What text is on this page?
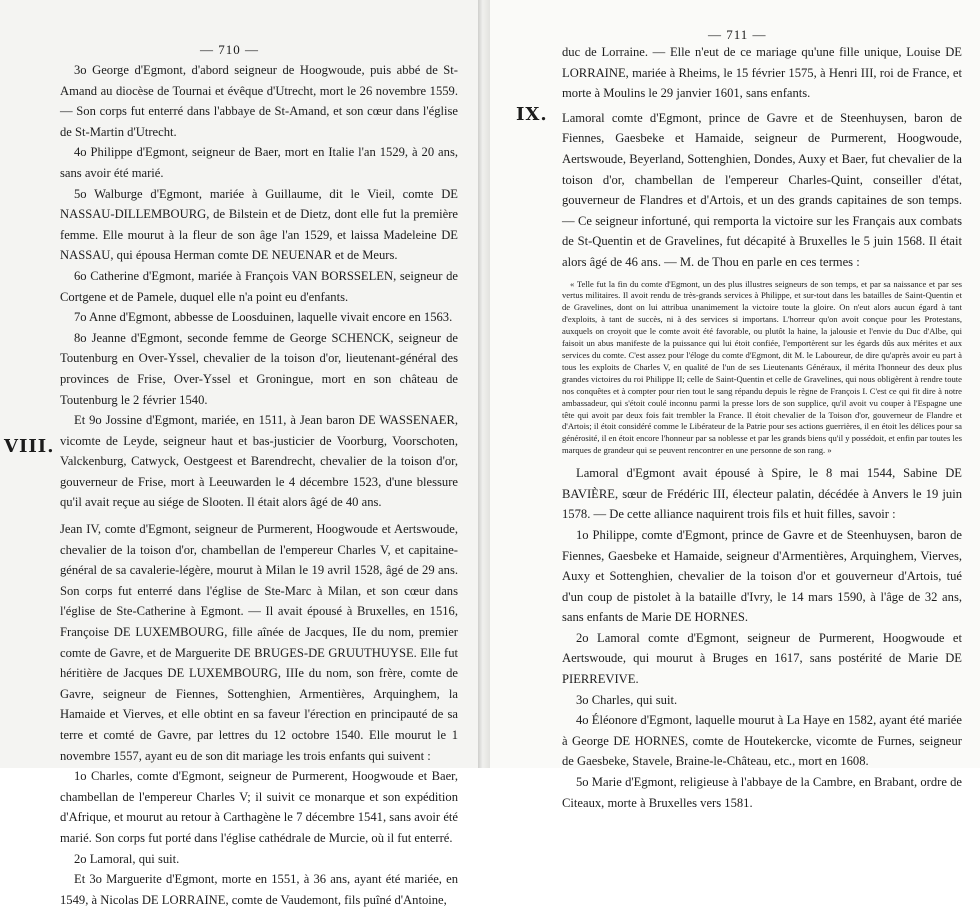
— 710 —
VIII.

3o George d'Egmont, d'abord seigneur de Hoogwoude, puis abbé de St-Amand au diocèse de Tournai et évêque d'Utrecht, mort le 26 novembre 1559. — Son corps fut enterré dans l'abbaye de St-Amand, et son cœur dans l'église de St-Martin d'Utrecht.

4o Philippe d'Egmont, seigneur de Baer, mort en Italie l'an 1529, à 20 ans, sans avoir été marié.

5o Walburge d'Egmont, mariée à Guillaume, dit le Vieil, comte DE NASSAU-DILLEMBOURG, de Bilstein et de Dietz, dont elle fut la première femme. Elle mourut à la fleur de son âge l'an 1529, et laissa Madeleine DE NASSAU, qui épousa Herman comte DE NEUENAR et de Meurs.

6o Catherine d'Egmont, mariée à François VAN BORSSELEN, seigneur de Cortgene et de Pamele, duquel elle n'a point eu d'enfants.

7o Anne d'Egmont, abbesse de Loosduinen, laquelle vivait encore en 1563.

8o Jeanne d'Egmont, seconde femme de George SCHENCK, seigneur de Toutenburg en Over-Yssel, chevalier de la toison d'or, lieutenant-général des provinces de Frise, Over-Yssel et Groningue, mort en son château de Toutenburg le 2 février 1540.

Et 9o Jossine d'Egmont, mariée, en 1511, à Jean baron DE WASSENAER, vicomte de Leyde, seigneur haut et bas-justicier de Voorburg, Voorschoten, Valckenburg, Catwyck, Oestgeest et Barendrecht, chevalier de la toison d'or, gouverneur de Frise, mort à Leeuwarden le 4 décembre 1523, d'une blessure qu'il avait reçue au siége de Slooten. Il était alors âgé de 40 ans.

Jean IV, comte d'Egmont, seigneur de Purmerent, Hoogwoude et Aertswoude, chevalier de la toison d'or, chambellan de l'empereur Charles V, et capitaine-général de sa cavalerie-légère, mourut à Milan le 19 avril 1528, âgé de 29 ans. Son corps fut enterré dans l'église de Ste-Marc à Milan, et son cœur dans l'église de Ste-Catherine à Egmont. — Il avait épousé à Bruxelles, en 1516, Françoise DE LUXEMBOURG, fille aînée de Jacques, IIe du nom, premier comte de Gavre, et de Marguerite DE BRUGES-DE GRUUTHUYSE. Elle fut héritière de Jacques DE LUXEMBOURG, IIIe du nom, son frère, comte de Gavre, seigneur de Fiennes, Sottenghien, Armentières, Arquinghem, la Hamaide et Vierves, et elle obtint en sa faveur l'érection en principauté de sa terre et comté de Gavre, par lettres du 12 octobre 1540. Elle mourut le 1 novembre 1557, ayant eu de son dit mariage les trois enfants qui suivent :

1o Charles, comte d'Egmont, seigneur de Purmerent, Hoogwoude et Baer, chambellan de l'empereur Charles V; il suivit ce monarque et son expédition d'Afrique, et mourut au retour à Carthagène le 7 décembre 1541, sans avoir été marié. Son corps fut porté dans l'église cathédrale de Murcie, où il fut enterré.

2o Lamoral, qui suit.

Et 3o Marguerite d'Egmont, morte en 1551, à 36 ans, ayant été mariée, en 1549, à Nicolas DE LORRAINE, comte de Vaudemont, fils puîné d'Antoine,

— 711 —
IX.

duc de Lorraine. — Elle n'eut de ce mariage qu'une fille unique, Louise DE LORRAINE, mariée à Rheims, le 15 février 1575, à Henri III, roi de France, et morte à Moulins le 29 janvier 1601, sans enfants.

Lamoral comte d'Egmont, prince de Gavre et de Steenhuysen, baron de Fiennes, Gaesbeke et Hamaide, seigneur de Purmerent, Hoogwoude, Aertswoude, Beyerland, Sottenghien, Dondes, Auxy et Baer, fut chevalier de la toison d'or, chambellan de l'empereur Charles-Quint, conseiller d'état, gouverneur de Flandres et d'Artois, et un des grands capitaines de son temps. — Ce seigneur infortuné, qui remporta la victoire sur les Français aux combats de St-Quentin et de Gravelines, fut décapité à Bruxelles le 5 juin 1568. Il était alors âgé de 46 ans. — M. de Thou en parle en ces termes :

« Telle fut la fin du comte d'Egmont, un des plus illustres seigneurs de son temps, et par sa naissance et par ses vertus militaires. Il avoit rendu de très-grands services à Philippe, et sur-tout dans les batailles de Saint-Quentin et de Gravelines, dont on lui attribua unanimement la victoire toute la gloire. On n'eut alors aucun égard à tant d'exploits, à tant de succès, ni à des services si importans. L'horreur qu'on avoit conçue pour les Protestans, auxquels on croyoit que le comte avoit été favorable, ou plutôt la haine, la jalousie et l'envie du Duc d'Albe, qui faisoit un abus manifeste de la puissance qui lui étoit confiée, l'emportèrent sur les égards dûs aux mérites et aux services du comte. C'est assez pour l'éloge du comte d'Egmont, dit M. le Laboureur, de dire qu'après avoir eu part à tous les exploits de Charles V, en qualité de l'un de ses Lieutenants Généraux, il mérita l'honneur des deux plus grandes victoires du roi Philippe II; celle de Saint-Quentin et celle de Gravelines, qui nous obligèrent à rendre toute nos conquêtes et à compter pour rien tout le sang répandu depuis le règne de François I. C'est ce qui fit dire à notre ambassadeur, qui s'étoit coulé inconnu parmi la presse lors de son supplice, qu'il avoit vu couper à l'Espagne une tête qui avoit par deux fois fait trembler la France. Il étoit chevalier de la Toison d'or, gouverneur de Flandre et d'Artois; il étoit considéré comme le Libérateur de la Patrie pour ses actions guerrières, il en étoit les délices pour sa générosité, il en étoit encore l'honneur par sa noblesse et par les grands biens qu'il y possédoit, et enfin par toutes les marques de grandeur qui se peuvent rencontrer en une personne de son rang. »

Lamoral d'Egmont avait épousé à Spire, le 8 mai 1544, Sabine DE BAVIÈRE, sœur de Frédéric III, électeur palatin, décédée à Anvers le 19 juin 1578. — De cette alliance naquirent trois fils et huit filles, savoir :

1o Philippe, comte d'Egmont, prince de Gavre et de Steenhuysen, baron de Fiennes, Gaesbeke et Hamaide, seigneur d'Armentières, Arquinghem, Vierves, Auxy et Sottenghien, chevalier de la toison d'or et gouverneur d'Artois, tué d'un coup de pistolet à la bataille d'Ivry, le 14 mars 1590, à l'âge de 32 ans, sans enfants de Marie DE HORNES.

2o Lamoral comte d'Egmont, seigneur de Purmerent, Hoogwoude et Aertswoude, qui mourut à Bruges en 1617, sans postérité de Marie DE PIERREVIVE.

3o Charles, qui suit.

4o Éléonore d'Egmont, laquelle mourut à La Haye en 1582, ayant été mariée à George DE HORNES, comte de Houtekercke, vicomte de Furnes, seigneur de Gaesbeke, Stavele, Braine-le-Château, etc., mort en 1608.

5o Marie d'Egmont, religieuse à l'abbaye de la Cambre, en Brabant, ordre de Citeaux, morte à Bruxelles vers 1581.
